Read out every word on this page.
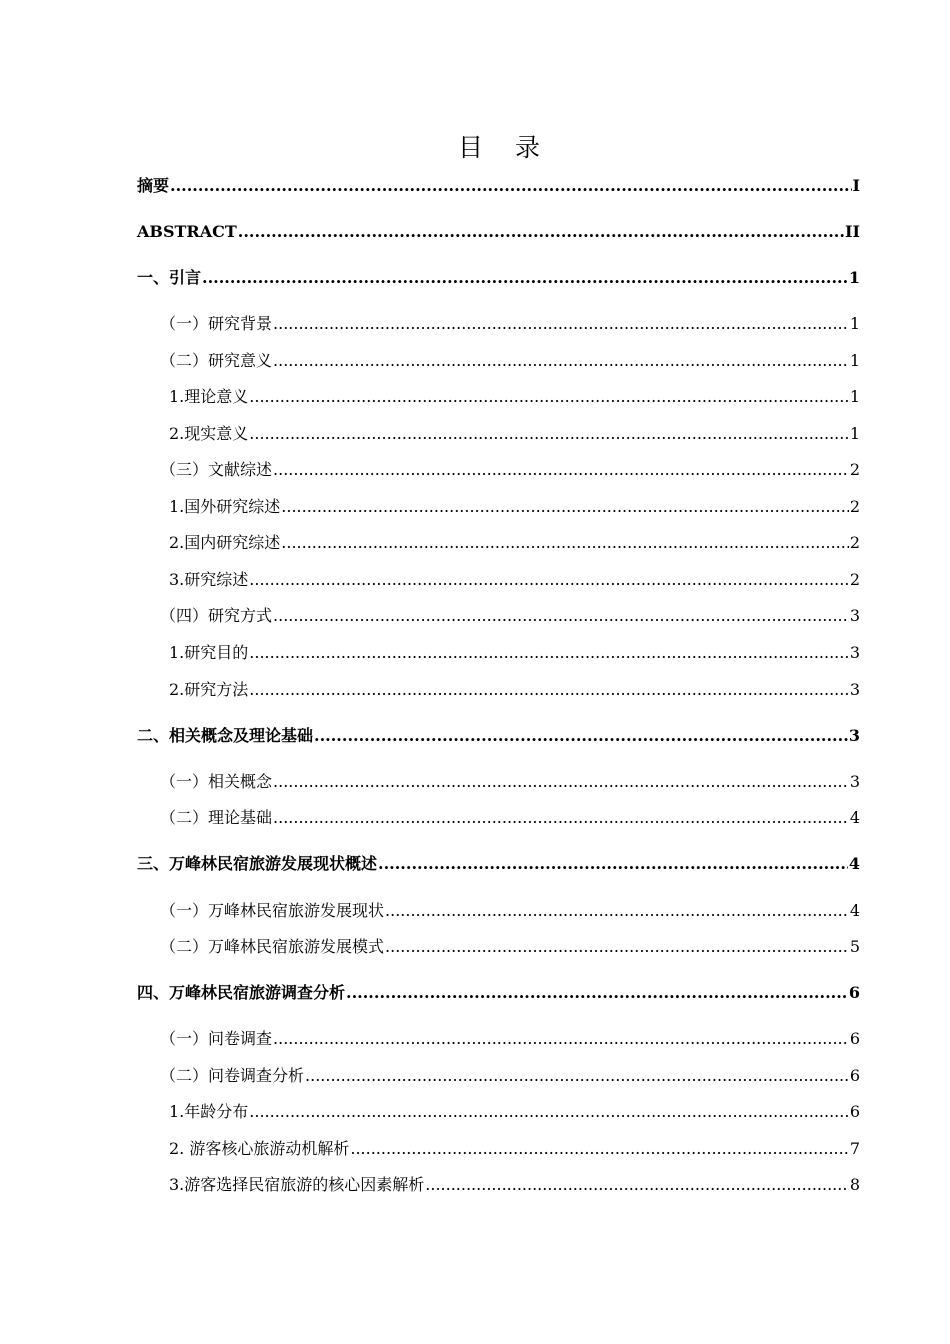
目 录
摘要 .....	I
ABSTRACT .....	II
一、引言 .....	1
（一）研究背景 .....	1
（二）研究意义 .....	1
1.理论意义 .....	1
2.现实意义 .....	1
（三）文献综述 .....	2
1.国外研究综述 .....	2
2.国内研究综述 .....	2
3.研究综述 .....	2
（四）研究方式 .....	3
1.研究目的 .....	3
2.研究方法 .....	3
二、相关概念及理论基础 .....	3
（一）相关概念 .....	3
（二）理论基础 .....	4
三、万峰林民宿旅游发展现状概述 .....	4
（一）万峰林民宿旅游发展现状 .....	4
（二）万峰林民宿旅游发展模式 .....	5
四、万峰林民宿旅游调查分析 .....	6
（一）问卷调查 .....	6
（二）问卷调查分析 .....	6
1.年龄分布 .....	6
2. 游客核心旅游动机解析 .....	7
3.游客选择民宿旅游的核心因素解析 .....	8
